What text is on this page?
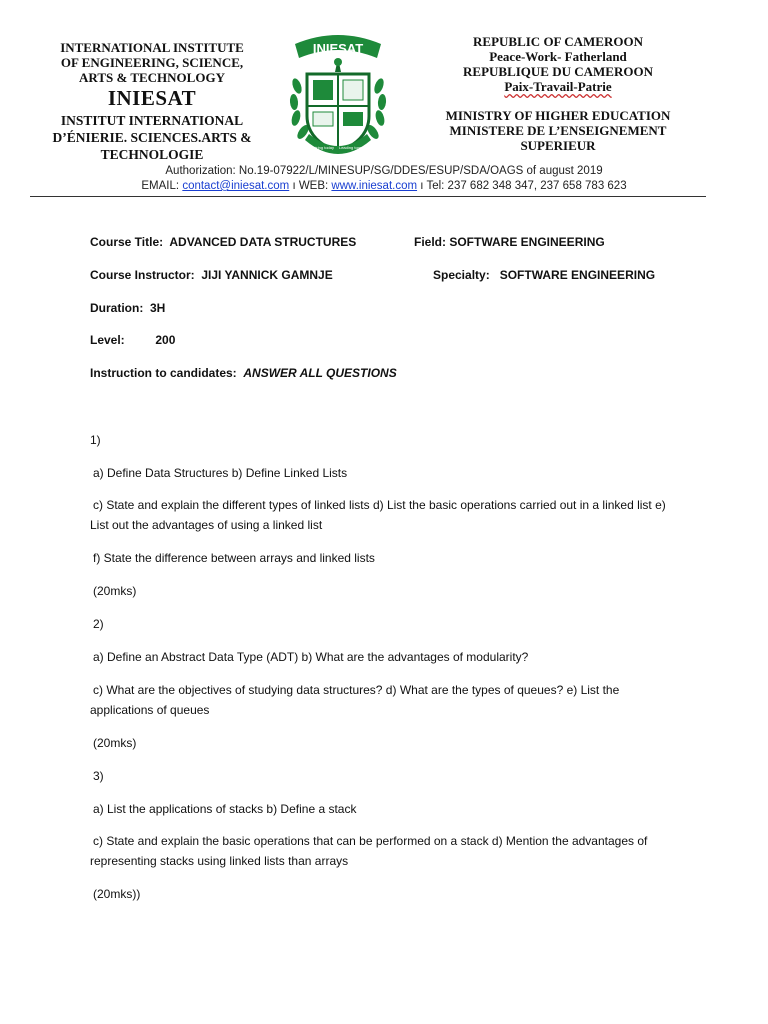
INTERNATIONAL INSTITUTE
OF ENGINEERING, SCIENCE,
ARTS & TECHNOLOGY
INIESAT
INSTITUT INTERNATIONAL
D’ÉNIERIE. SCIENCES.ARTS &
TECHNOLOGIE
INIESAT
Inspiring today Leading tomorrow
REPUBLIC OF CAMEROON
Peace-Work- Fatherland
REPUBLIQUE DU CAMEROON
Paix-Travail-Patrie
MINISTRY OF HIGHER EDUCATION
MINISTERE DE L’ENSEIGNEMENT
SUPERIEUR
Authorization: No.19-07922/L/MINESUP/SG/DDES/ESUP/SDA/OAGS of august 2019
EMAIL: contact@iniesat.com ı WEB: www.iniesat.com ı Tel: 237 682 348 347, 237 658 783 623
Course Title: ADVANCED DATA STRUCTURES	Field: SOFTWARE ENGINEERING
Course Instructor: JIJI YANNICK GAMNJE	Specialty: SOFTWARE ENGINEERING
Duration: 3H
Level:	200
Instruction to candidates: ANSWER ALL QUESTIONS
1)
a) Define Data Structures b) Define Linked Lists
c) State and explain the different types of linked lists d) List the basic operations carried out in a linked list e) List out the advantages of using a linked list
f) State the difference between arrays and linked lists
(20mks)
2)
a) Define an Abstract Data Type (ADT) b) What are the advantages of modularity?
c) What are the objectives of studying data structures? d) What are the types of queues? e) List the applications of queues
(20mks)
3)
a) List the applications of stacks b) Define a stack
c) State and explain the basic operations that can be performed on a stack d) Mention the advantages of representing stacks using linked lists than arrays
(20mks))
